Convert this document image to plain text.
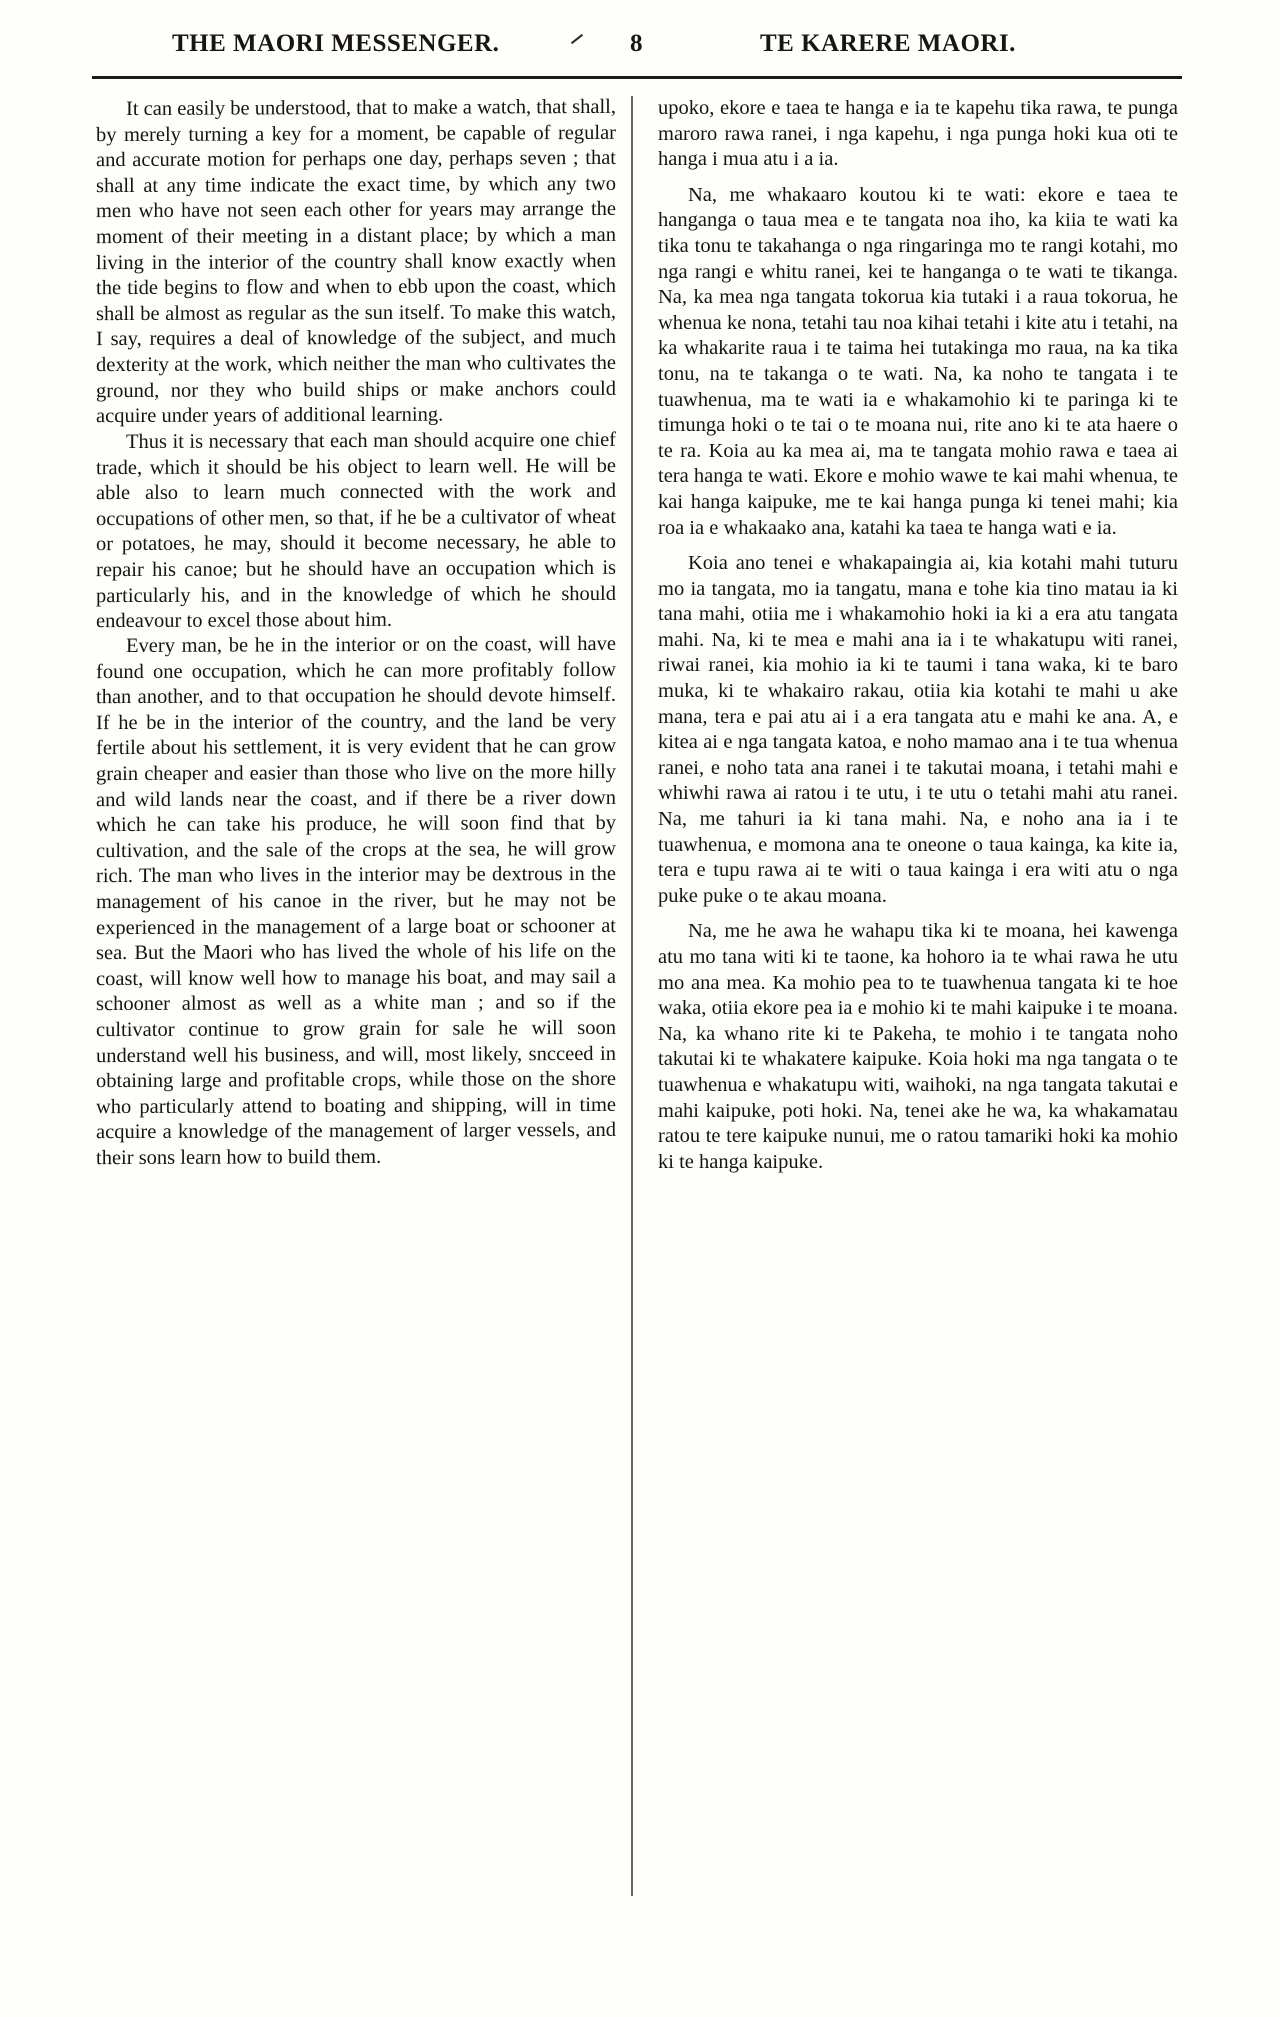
THE MAORI MESSENGER.	8	TE KARERE MAORI.

It can easily be understood, that to make a watch, that shall, by merely turning a key for a moment, be capable of regular and accurate motion for perhaps one day, perhaps seven ; that shall at any time indicate the exact time, by which any two men who have not seen each other for years may arrange the moment of their meeting in a distant place; by which a man living in the interior of the country shall know exactly when the tide begins to flow and when to ebb upon the coast, which shall be almost as regular as the sun itself. To make this watch, I say, requires a deal of knowledge of the subject, and much dexterity at the work, which neither the man who cultivates the ground, nor they who build ships or make anchors could acquire under years of additional learning.

Thus it is necessary that each man should acquire one chief trade, which it should be his object to learn well. He will be able also to learn much connected with the work and occupations of other men, so that, if he be a cultivator of wheat or potatoes, he may, should it become necessary, he able to repair his canoe; but he should have an occupation which is particularly his, and in the knowledge of which he should endeavour to excel those about him.

Every man, be he in the interior or on the coast, will have found one occupation, which he can more profitably follow than another, and to that occupation he should devote himself. If he be in the interior of the country, and the land be very fertile about his settlement, it is very evident that he can grow grain cheaper and easier than those who live on the more hilly and wild lands near the coast, and if there be a river down which he can take his produce, he will soon find that by cultivation, and the sale of the crops at the sea, he will grow rich. The man who lives in the interior may be dextrous in the management of his canoe in the river, but he may not be experienced in the management of a large boat or schooner at sea. But the Maori who has lived the whole of his life on the coast, will know well how to manage his boat, and may sail a schooner almost as well as a white man ; and so if the cultivator continue to grow grain for sale he will soon understand well his business, and will, most likely, sncceed in obtaining large and profitable crops, while those on the shore who particularly attend to boating and shipping, will in time acquire a knowledge of the management of larger vessels, and their sons learn how to build them.

upoko, ekore e taea te hanga e ia te kapehu tika rawa, te punga maroro rawa ranei, i nga kapehu, i nga punga hoki kua oti te hanga i mua atu i a ia.

Na, me whakaaro koutou ki te wati: ekore e taea te hanganga o taua mea e te tangata noa iho, ka kiia te wati ka tika tonu te takahanga o nga ringaringa mo te rangi kotahi, mo nga rangi e whitu ranei, kei te hanganga o te wati te tikanga. Na, ka mea nga tangata tokorua kia tutaki i a raua tokorua, he whenua ke nona, tetahi tau noa kihai tetahi i kite atu i tetahi, na ka whakarite raua i te taima hei tutakinga mo raua, na ka tika tonu, na te takanga o te wati. Na, ka noho te tangata i te tuawhenua, ma te wati ia e whakamohio ki te paringa ki te timunga hoki o te tai o te moana nui, rite ano ki te ata haere o te ra. Koia au ka mea ai, ma te tangata mohio rawa e taea ai tera hanga te wati. Ekore e mohio wawe te kai mahi whenua, te kai hanga kaipuke, me te kai hanga punga ki tenei mahi; kia roa ia e whakaako ana, katahi ka taea te hanga wati e ia.

Koia ano tenei e whakapaingia ai, kia kotahi mahi tuturu mo ia tangata, mo ia tangatu, mana e tohe kia tino matau ia ki tana mahi, otiia me i whakamohio hoki ia ki a era atu tangata mahi. Na, ki te mea e mahi ana ia i te whakatupu witi ranei, riwai ranei, kia mohio ia ki te taumi i tana waka, ki te baro muka, ki te whakairo rakau, otiia kia kotahi te mahi u ake mana, tera e pai atu ai i a era tangata atu e mahi ke ana. A, e kitea ai e nga tangata katoa, e noho mamao ana i te tua whenua ranei, e noho tata ana ranei i te takutai moana, i tetahi mahi e whiwhi rawa ai ratou i te utu, i te utu o tetahi mahi atu ranei. Na, me tahuri ia ki tana mahi. Na, e noho ana ia i te tuawhenua, e momona ana te oneone o taua kainga, ka kite ia, tera e tupu rawa ai te witi o taua kainga i era witi atu o nga puke puke o te akau moana.

Na, me he awa he wahapu tika ki te moana, hei kawenga atu mo tana witi ki te taone, ka hohoro ia te whai rawa he utu mo ana mea. Ka mohio pea to te tuawhenua tangata ki te hoe waka, otiia ekore pea ia e mohio ki te mahi kaipuke i te moana. Na, ka whano rite ki te Pakeha, te mohio i te tangata noho takutai ki te whakatere kaipuke. Koia hoki ma nga tangata o te tuawhenua e whakatupu witi, waihoki, na nga tangata takutai e mahi kaipuke, poti hoki. Na, tenei ake he wa, ka whakamatau ratou te tere kaipuke nunui, me o ratou tamariki hoki ka mohio ki te hanga kaipuke.
